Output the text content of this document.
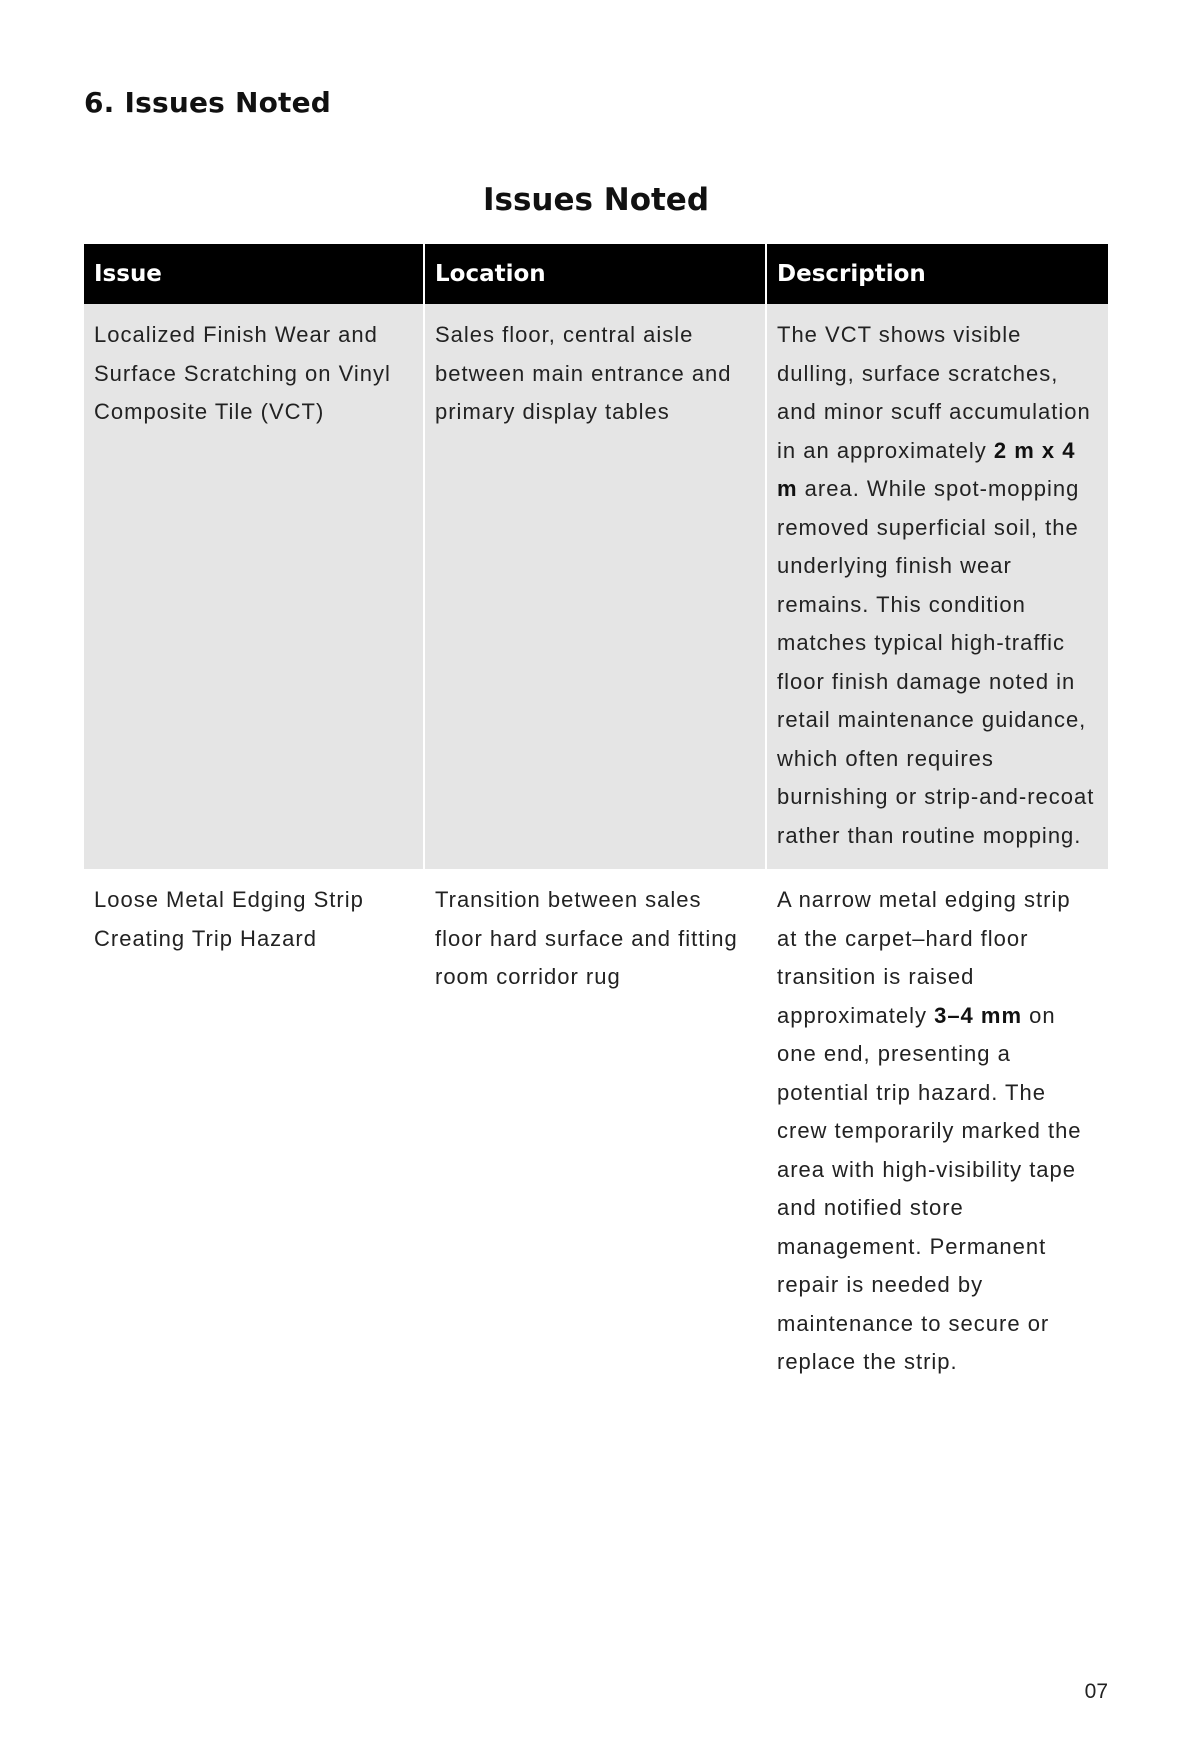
6. Issues Noted
Issues Noted
Issue	Location	Description
Localized Finish Wear and Surface Scratching on Vinyl Composite Tile (VCT)	Sales floor, central aisle between main entrance and primary display tables	The VCT shows visible dulling, surface scratches, and minor scuff accumulation in an approximately 2 m x 4 m area. While spot-mopping removed superficial soil, the underlying finish wear remains. This condition matches typical high-traffic floor finish damage noted in retail maintenance guidance, which often requires burnishing or strip-and-recoat rather than routine mopping.
Loose Metal Edging Strip Creating Trip Hazard	Transition between sales floor hard surface and fitting room corridor rug	A narrow metal edging strip at the carpet–hard floor transition is raised approximately 3–4 mm on one end, presenting a potential trip hazard. The crew temporarily marked the area with high-visibility tape and notified store management. Permanent repair is needed by maintenance to secure or replace the strip.
07
